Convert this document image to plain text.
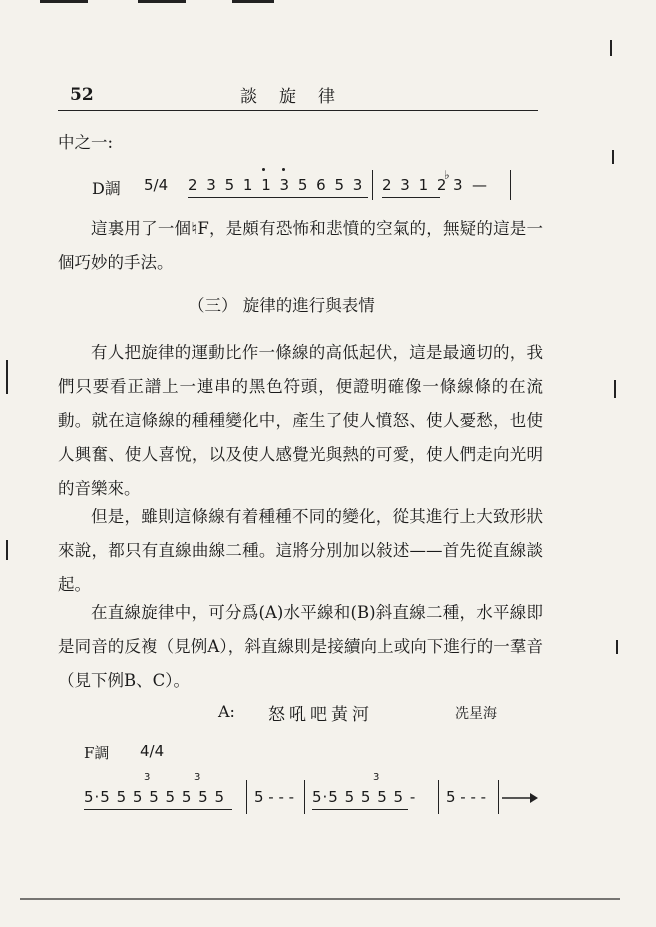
52	談旋律
中之一:
D調 5/4 2 3 5 1 1 3 5 6 5 3 2 3 1 2
♭
3 —
這裏用了一個♮F，是頗有恐怖和悲憤的空氣的，無疑的這是一個巧妙的手法。
（三） 旋律的進行與表情
有人把旋律的運動比作一條線的高低起伏，這是最適切的，我們只要看正譜上一連串的黑色符頭，便證明確像一條線條的在流動。就在這條線的種種變化中，產生了使人憤怒、使人憂愁，也使人興奮、使人喜悅，以及使人感覺光與熱的可愛，使人們走向光明的音樂來。
但是，雖則這條線有着種種不同的變化，從其進行上大致形狀來說，都只有直線曲線二種。這將分別加以敍述——首先從直線談起。
在直線旋律中，可分爲(A)水平線和(B)斜直線二種，水平線即是同音的反複（見例A），斜直線則是接續向上或向下進行的一羣音（見下例B、C）。
A: 怒吼吧黃河	冼星海
F調 4/4
3	3	3
5·5 5 5 5 5 5 5 5 5 - - - 5·5 5 5 5 5 - 5 - - -
